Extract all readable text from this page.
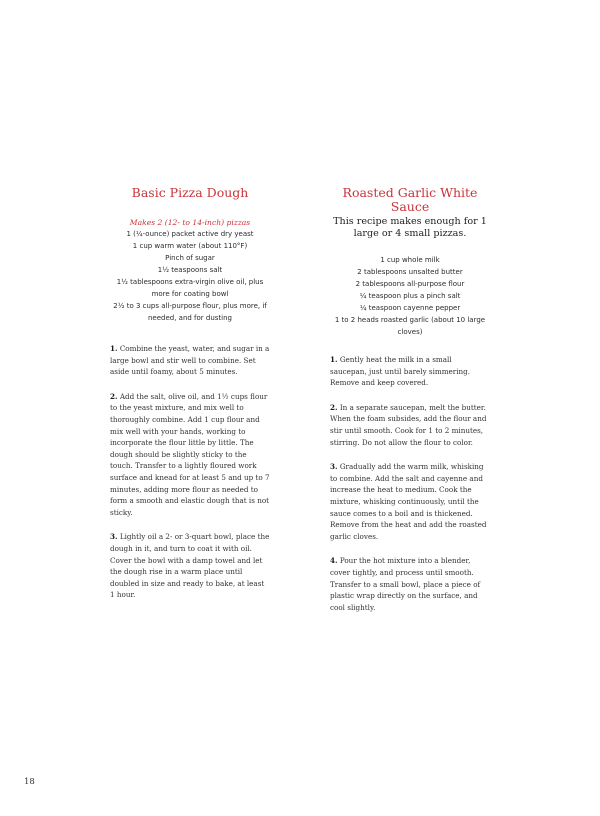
Basic Pizza Dough
Makes 2 (12- to 14-inch) pizzas
1 (¼-ounce) packet active dry yeast
1 cup warm water (about 110°F)
Pinch of sugar
1½ teaspoons salt
1½ tablespoons extra-virgin olive oil, plus more for coating bowl
2½ to 3 cups all-purpose flour, plus more, if needed, and for dusting

1. Combine the yeast, water, and sugar in a large bowl and stir well to combine. Set aside until foamy, about 5 minutes.

2. Add the salt, olive oil, and 1½ cups flour to the yeast mixture, and mix well to thoroughly combine. Add 1 cup flour and mix well with your hands, working to incorporate the flour little by little. The dough should be slightly sticky to the touch. Transfer to a lightly floured work surface and knead for at least 5 and up to 7 minutes, adding more flour as needed to form a smooth and elastic dough that is not sticky.

3. Lightly oil a 2- or 3-quart bowl, place the dough in it, and turn to coat it with oil. Cover the bowl with a damp towel and let the dough rise in a warm place until doubled in size and ready to bake, at least 1 hour.

Roasted Garlic White Sauce
This recipe makes enough for 1 large or 4 small pizzas.
1 cup whole milk
2 tablespoons unsalted butter
2 tablespoons all-purpose flour
¼ teaspoon plus a pinch salt
¼ teaspoon cayenne pepper
1 to 2 heads roasted garlic (about 10 large cloves)

1. Gently heat the milk in a small saucepan, just until barely simmering. Remove and keep covered.

2. In a separate saucepan, melt the butter. When the foam subsides, add the flour and stir until smooth. Cook for 1 to 2 minutes, stirring. Do not allow the flour to color.

3. Gradually add the warm milk, whisking to combine. Add the salt and cayenne and increase the heat to medium. Cook the mixture, whisking continuously, until the sauce comes to a boil and is thickened. Remove from the heat and add the roasted garlic cloves.

4. Pour the hot mixture into a blender, cover tightly, and process until smooth. Transfer to a small bowl, place a piece of plastic wrap directly on the surface, and cool slightly.

18
